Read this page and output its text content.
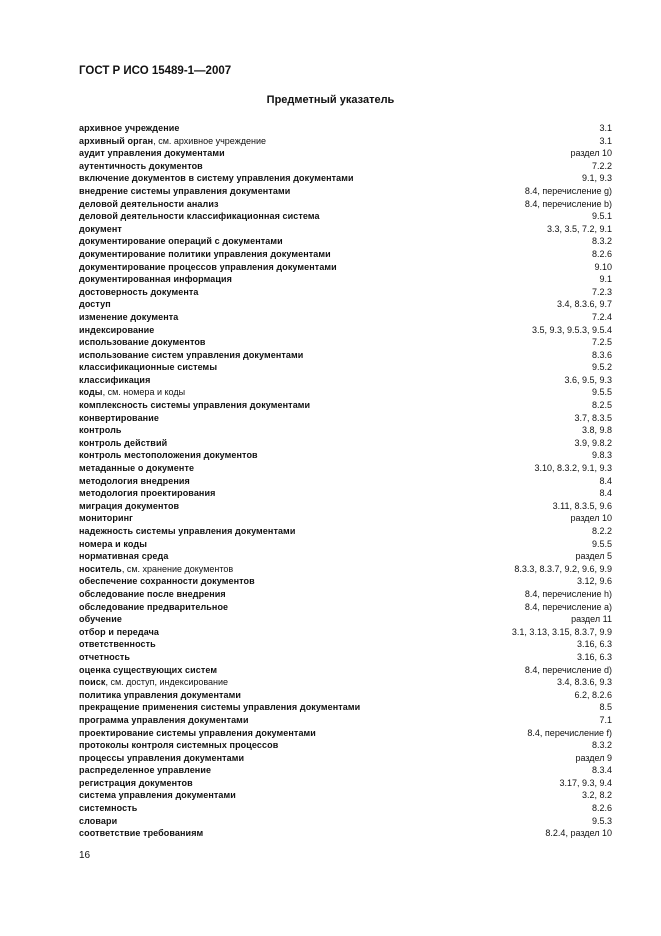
ГОСТ Р ИСО 15489-1—2007
Предметный указатель
архивное учреждение	3.1
архивный орган, см. архивное учреждение	3.1
аудит управления документами	раздел 10
аутентичность документов	7.2.2
включение документов в систему управления документами	9.1, 9.3
внедрение системы управления документами	8.4, перечисление g)
деловой деятельности анализ	8.4, перечисление b)
деловой деятельности классификационная система	9.5.1
документ	3.3, 3.5, 7.2, 9.1
документирование операций с документами	8.3.2
документирование политики управления документами	8.2.6
документирование процессов управления документами	9.10
документированная информация	9.1
достоверность документа	7.2.3
доступ	3.4, 8.3.6, 9.7
изменение документа	7.2.4
индексирование	3.5, 9.3, 9.5.3, 9.5.4
использование документов	7.2.5
использование систем управления документами	8.3.6
классификационные системы	9.5.2
классификация	3.6, 9.5, 9.3
коды, см. номера и коды	9.5.5
комплексность системы управления документами	8.2.5
конвертирование	3.7, 8.3.5
контроль	3.8, 9.8
контроль действий	3.9, 9.8.2
контроль местоположения документов	9.8.3
метаданные о документе	3.10, 8.3.2, 9.1, 9.3
методология внедрения	8.4
методология проектирования	8.4
миграция документов	3.11, 8.3.5, 9.6
мониторинг	раздел 10
надежность системы управления документами	8.2.2
номера и коды	9.5.5
нормативная среда	раздел 5
носитель, см. хранение документов	8.3.3, 8.3.7, 9.2, 9.6, 9.9
обеспечение сохранности документов	3.12, 9.6
обследование после внедрения	8.4, перечисление h)
обследование предварительное	8.4, перечисление a)
обучение	раздел 11
отбор и передача	3.1, 3.13, 3.15, 8.3.7, 9.9
ответственность	3.16, 6.3
отчетность	3.16, 6.3
оценка существующих систем	8.4, перечисление d)
поиск, см. доступ, индексирование	3.4, 8.3.6, 9.3
политика управления документами	6.2, 8.2.6
прекращение применения системы управления документами	8.5
программа управления документами	7.1
проектирование системы управления документами	8.4, перечисление f)
протоколы контроля системных процессов	8.3.2
процессы управления документами	раздел 9
распределенное управление	8.3.4
регистрация документов	3.17, 9.3, 9.4
система управления документами	3.2, 8.2
системность	8.2.6
словари	9.5.3
соответствие требованиям	8.2.4, раздел 10
16
